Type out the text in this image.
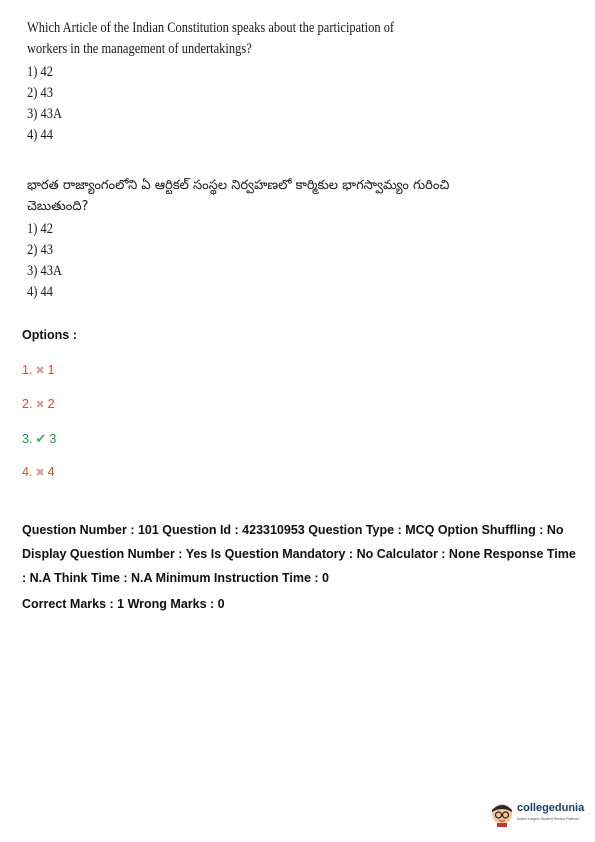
Which Article of the Indian Constitution speaks about the participation of workers in the management of undertakings?

1) 42
2) 43
3) 43A
4) 44

భారత రాజ్యాంగంలోని ఏ ఆర్టికల్ సంస్థల నిర్వహణలో కార్మికుల భాగస్వామ్యం గురించి చెబుతుంది?

1) 42
2) 43
3) 43A
4) 44
Options :
1. ✖ 1
2. ✖ 2
3. ✔ 3
4. ✖ 4

Question Number : 101 Question Id : 423310953 Question Type : MCQ Option Shuffling : No Display Question Number : Yes Is Question Mandatory : No Calculator : None Response Time : N.A Think Time : N.A Minimum Instruction Time : 0

Correct Marks : 1 Wrong Marks : 0

collegedunia
India's Largest Student Review Platform
